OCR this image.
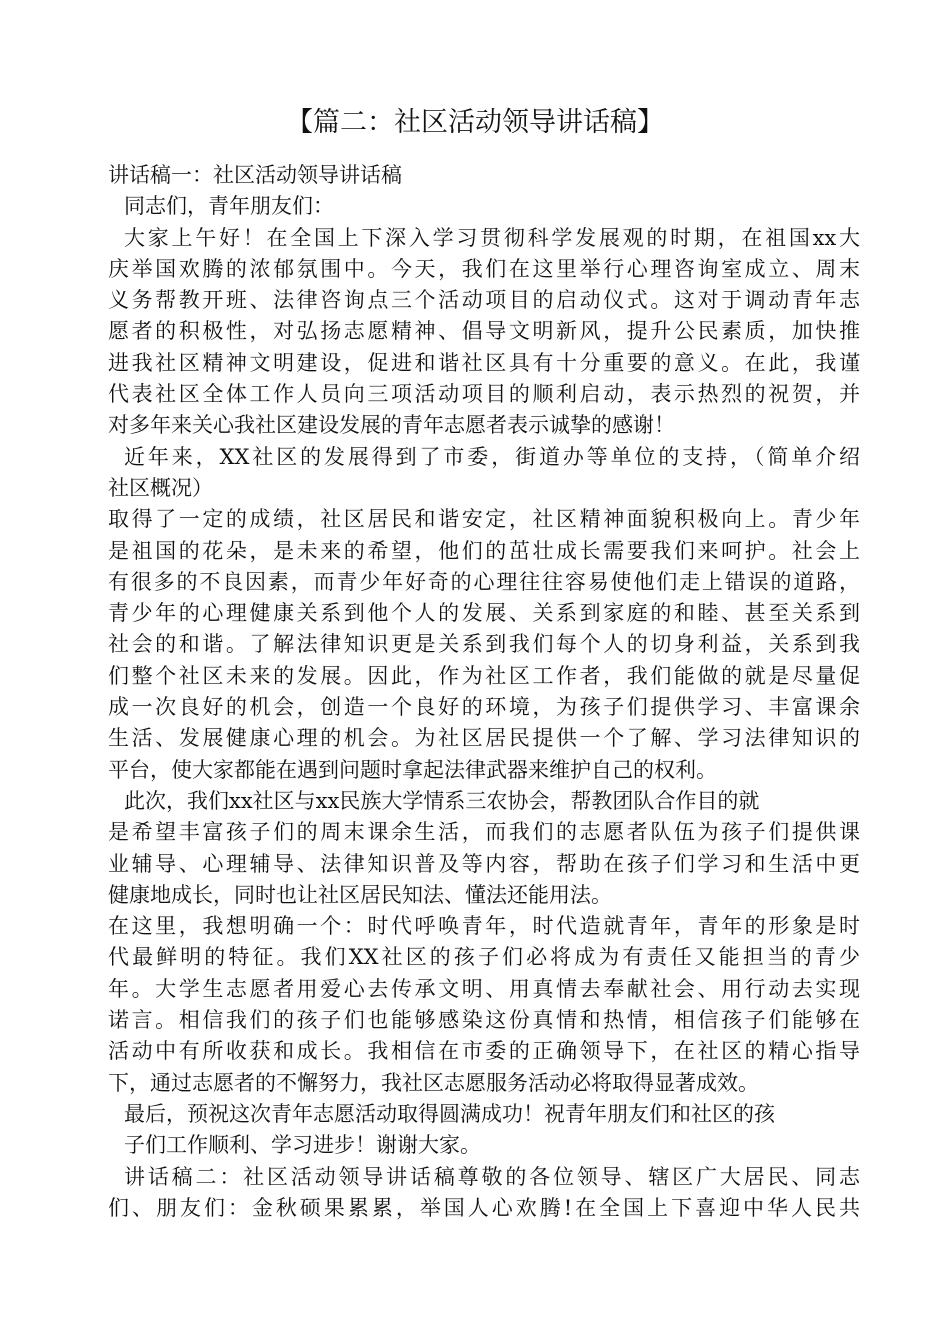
【篇二：社区活动领导讲话稿】
讲话稿一：社区活动领导讲话稿
同志们，青年朋友们：
大家上午好！在全国上下深入学习贯彻科学发展观的时期，在祖国xx大
庆举国欢腾的浓郁氛围中。今天，我们在这里举行心理咨询室成立、周末
义务帮教开班、法律咨询点三个活动项目的启动仪式。这对于调动青年志
愿者的积极性，对弘扬志愿精神、倡导文明新风，提升公民素质，加快推
进我社区精神文明建设，促进和谐社区具有十分重要的意义。在此，我谨
代表社区全体工作人员向三项活动项目的顺利启动，表示热烈的祝贺，并
对多年来关心我社区建设发展的青年志愿者表示诚挚的感谢！
近年来，XX社区的发展得到了市委，街道办等单位的支持，（简单介绍
社区概况）
取得了一定的成绩，社区居民和谐安定，社区精神面貌积极向上。青少年
是祖国的花朵，是未来的希望，他们的茁壮成长需要我们来呵护。社会上
有很多的不良因素，而青少年好奇的心理往往容易使他们走上错误的道路，
青少年的心理健康关系到他个人的发展、关系到家庭的和睦、甚至关系到
社会的和谐。了解法律知识更是关系到我们每个人的切身利益，关系到我
们整个社区未来的发展。因此，作为社区工作者，我们能做的就是尽量促
成一次良好的机会，创造一个良好的环境，为孩子们提供学习、丰富课余
生活、发展健康心理的机会。为社区居民提供一个了解、学习法律知识的
平台，使大家都能在遇到问题时拿起法律武器来维护自己的权利。
此次，我们xx社区与xx民族大学情系三农协会，帮教团队合作目的就
是希望丰富孩子们的周末课余生活，而我们的志愿者队伍为孩子们提供课
业辅导、心理辅导、法律知识普及等内容，帮助在孩子们学习和生活中更
健康地成长，同时也让社区居民知法、懂法还能用法。
在这里，我想明确一个：时代呼唤青年，时代造就青年，青年的形象是时
代最鲜明的特征。我们XX社区的孩子们必将成为有责任又能担当的青少
年。大学生志愿者用爱心去传承文明、用真情去奉献社会、用行动去实现
诺言。相信我们的孩子们也能够感染这份真情和热情，相信孩子们能够在
活动中有所收获和成长。我相信在市委的正确领导下，在社区的精心指导
下，通过志愿者的不懈努力，我社区志愿服务活动必将取得显著成效。
最后，预祝这次青年志愿活动取得圆满成功！祝青年朋友们和社区的孩
子们工作顺利、学习进步！谢谢大家。
讲话稿二：社区活动领导讲话稿尊敬的各位领导、辖区广大居民、同志
们、朋友们：金秋硕果累累，举国人心欢腾!在全国上下喜迎中华人民共
